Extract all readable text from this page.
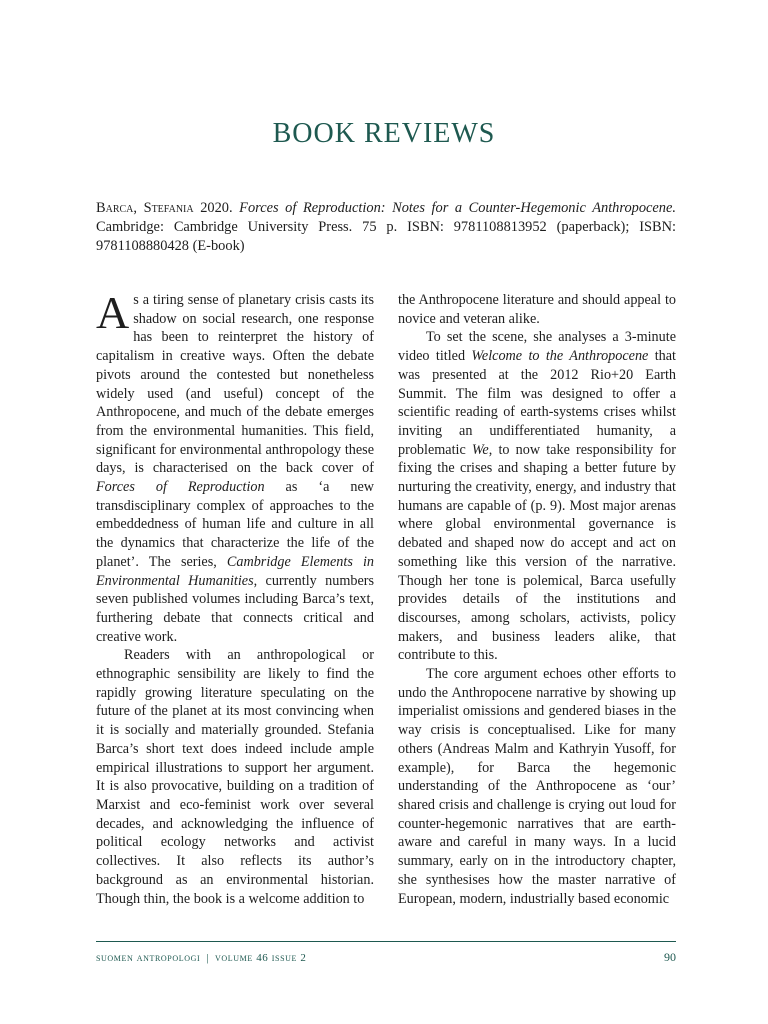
BOOK REVIEWS
Barca, Stefania 2020. Forces of Reproduction: Notes for a Counter-Hegemonic Anthropocene. Cambridge: Cambridge University Press. 75 p. ISBN: 9781108813952 (paperback); ISBN: 9781108880428 (E-book)

As a tiring sense of planetary crisis casts its shadow on social research, one response has been to reinterpret the history of capitalism in creative ways. Often the debate pivots around the contested but nonetheless widely used (and useful) concept of the Anthropocene, and much of the debate emerges from the environmental humanities. This field, significant for environmental anthropology these days, is characterised on the back cover of Forces of Reproduction as ‘a new transdisciplinary complex of approaches to the embeddedness of human life and culture in all the dynamics that characterize the life of the planet’. The series, Cambridge Elements in Environmental Humanities, currently numbers seven published volumes including Barca’s text, furthering debate that connects critical and creative work.

Readers with an anthropological or ethnographic sensibility are likely to find the rapidly growing literature speculating on the future of the planet at its most convincing when it is socially and materially grounded. Stefania Barca’s short text does indeed include ample empirical illustrations to support her argument. It is also provocative, building on a tradition of Marxist and eco-feminist work over several decades, and acknowledging the influence of political ecology networks and activist collectives. It also reflects its author’s background as an environmental historian. Though thin, the book is a welcome addition to

the Anthropocene literature and should appeal to novice and veteran alike.

To set the scene, she analyses a 3-minute video titled Welcome to the Anthropocene that was presented at the 2012 Rio+20 Earth Summit. The film was designed to offer a scientific reading of earth-systems crises whilst inviting an undifferentiated humanity, a problematic We, to now take responsibility for fixing the crises and shaping a better future by nurturing the creativity, energy, and industry that humans are capable of (p. 9). Most major arenas where global environmental governance is debated and shaped now do accept and act on something like this version of the narrative. Though her tone is polemical, Barca usefully provides details of the institutions and discourses, among scholars, activists, policy makers, and business leaders alike, that contribute to this.

The core argument echoes other efforts to undo the Anthropocene narrative by showing up imperialist omissions and gendered biases in the way crisis is conceptualised. Like for many others (Andreas Malm and Kathryin Yusoff, for example), for Barca the hegemonic understanding of the Anthropocene as ‘our’ shared crisis and challenge is crying out loud for counter-hegemonic narratives that are earth-aware and careful in many ways. In a lucid summary, early on in the introductory chapter, she synthesises how the master narrative of European, modern, industrially based economic

suomen antropologi | volume 46 issue 2	90
